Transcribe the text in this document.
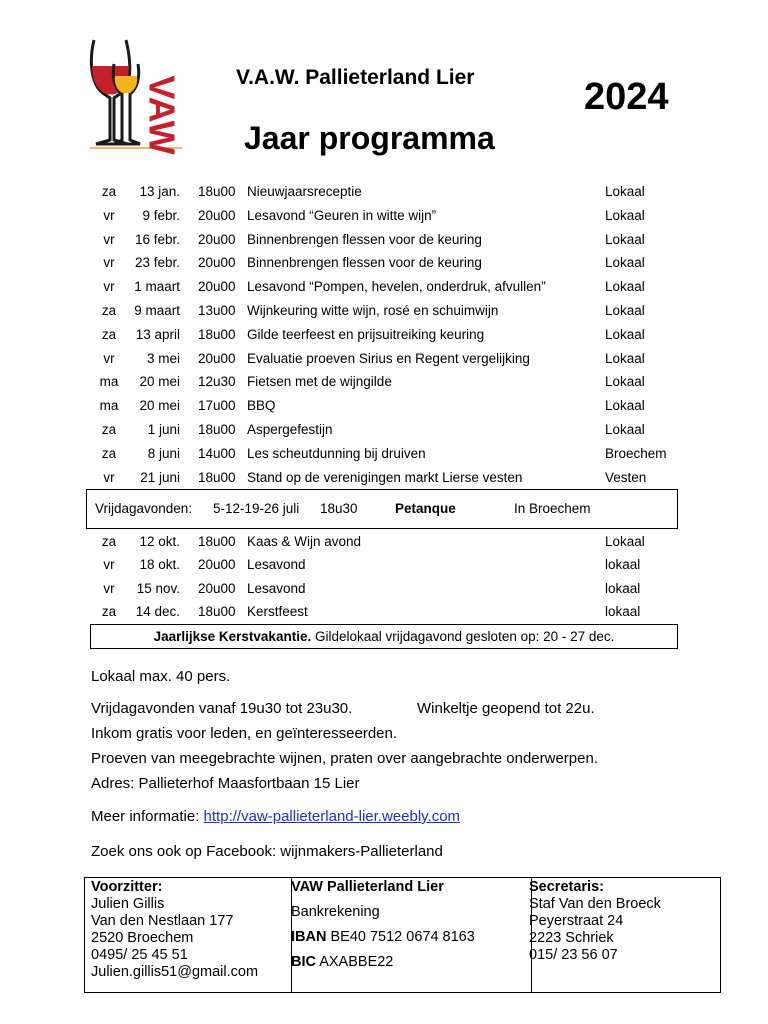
VAW	V.A.W. Pallieterland Lier
Jaar programma
2024
za	13 jan. 18u00 Nieuwjaarsreceptie	Lokaal
vr	9 febr. 20u00 Lesavond “Geuren in witte wijn”	Lokaal
vr	16 febr. 20u00 Binnenbrengen flessen voor de keuring	Lokaal
vr	23 febr. 20u00 Binnenbrengen flessen voor de keuring	Lokaal
vr	1 maart 20u00 Lesavond “Pompen, hevelen, onderdruk, afvullen”	Lokaal
za	9 maart 13u00 Wijnkeuring witte wijn, rosé en schuimwijn	Lokaal
za	13 april 18u00 Gilde teerfeest en prijsuitreiking keuring	Lokaal
vr	3 mei 20u00 Evaluatie proeven Sirius en Regent vergelijking	Lokaal
ma	20 mei 12u30 Fietsen met de wijngilde	Lokaal
ma	20 mei 17u00 BBQ	Lokaal
za	1 juni 18u00 Aspergefestijn	Lokaal
za	8 juni 14u00 Les scheutdunning bij druiven	Broechem
vr	21 juni 18u00 Stand op de verenigingen markt Lierse vesten	Vesten
Vrijdagavonden: 5-12-19-26 juli 18u30	Petanque	In Broechem
za	12 okt. 18u00 Kaas & Wijn avond	Lokaal
vr	18 okt. 20u00 Lesavond	lokaal
vr	15 nov. 20u00 Lesavond	lokaal
za	14 dec. 18u00 Kerstfeest	lokaal
Jaarlijkse Kerstvakantie. Gildelokaal vrijdagavond gesloten op: 20 - 27 dec.
Lokaal max. 40 pers.
Vrijdagavonden vanaf 19u30 tot 23u30.	Winkeltje geopend tot 22u.
Inkom gratis voor leden, en geïnteresseerden.
Proeven van meegebrachte wijnen, praten over aangebrachte onderwerpen.
Adres: Pallieterhof Maasfortbaan 15 Lier
Meer informatie: http://vaw-pallieterland-lier.weebly.com
Zoek ons ook op Facebook: wijnmakers-Pallieterland
Voorzitter:
Julien Gillis
Van den Nestlaan 177
2520 Broechem
0495/ 25 45 51
Julien.gillis51@gmail.com
VAW Pallieterland Lier
Bankrekening
IBAN BE40 7512 0674 8163
BIC AXABBE22
Secretaris:
Staf Van den Broeck
Peyerstraat 24
2223 Schriek
015/ 23 56 07
